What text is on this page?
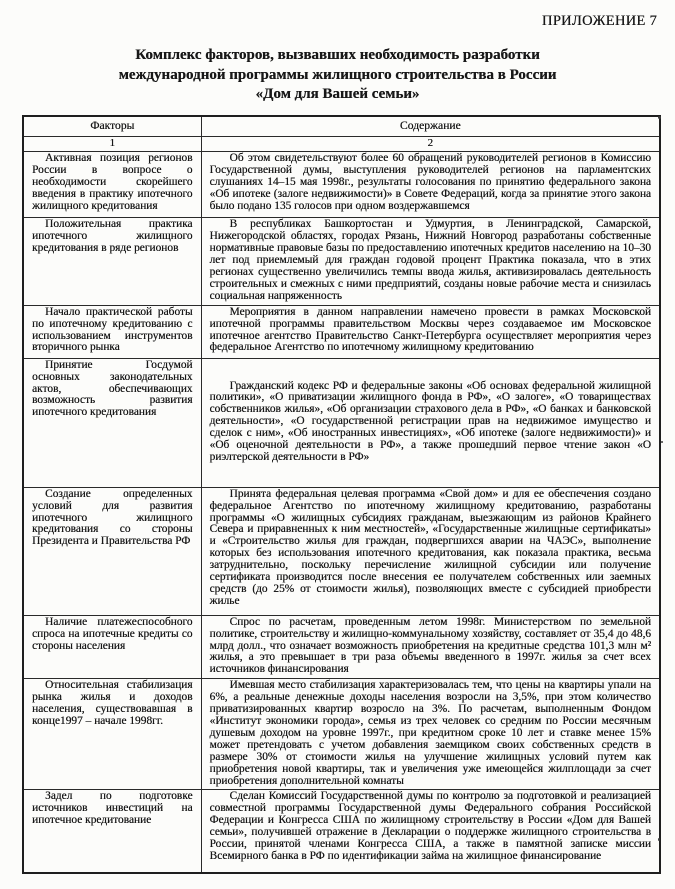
ПРИЛОЖЕНИЕ 7
Комплекс факторов, вызвавших необходимость разработки
международной программы жилищного строительства в России
«Дом для Вашей семьи»
Факторы	Содержание
1	2
Активная позиция регионов России в вопросе о необходимости скорейшего введения в практику ипотечного жилищного кредитования	Об этом свидетельствуют более 60 обращений руководителей регионов в Комиссию Государственной думы, выступления руководителей регионов на парламентских слушаниях 14–15 мая 1998г., результаты голосования по принятию федерального закона «Об ипотеке (залоге недвижимости)» в Совете Федераций, когда за принятие этого закона было подано 135 голосов при одном воздержавшемся
Положительная практика ипотечного жилищного кредитования в ряде регионов	В республиках Башкортостан и Удмуртия, в Ленинградской, Самарской, Нижегородской областях, городах Рязань, Нижний Новгород разработаны собственные нормативные правовые базы по предоставлению ипотечных кредитов населению на 10–30 лет под приемлемый для граждан годовой процент Практика показала, что в этих регионах существенно увеличились темпы ввода жилья, активизировалась деятельность строительных и смежных с ними предприятий, созданы новые рабочие места и снизилась социальная напряженность
Начало практической работы по ипотечному кредитованию с использованием инструментов вторичного рынка	Мероприятия в данном направлении намечено провести в рамках Московской ипотечной программы правительством Москвы через создаваемое им Московское ипотечное агентство Правительство Санкт-Петербурга осуществляет мероприятия через федеральное Агентство по ипотечному жилищному кредитованию
Принятие Госдумой основных законодательных актов, обеспечивающих возможность развития ипотечного кредитования	Гражданский кодекс РФ и федеральные законы «Об основах федеральной жилищной политики», «О приватизации жилищного фонда в РФ», «О залоге», «О товариществах собственников жилья», «Об организации страхового дела в РФ», «О банках и банковской деятельности», «О государственной регистрации прав на недвижимое имущество и сделок с ним», «Об иностранных инвестициях», «Об ипотеке (залоге недвижимости)» и «Об оценочной деятельности в РФ», а также прошедший первое чтение закон «О риэлтерской деятельности в РФ»
Создание определенных условий для развития ипотечного жилищного кредитования со стороны Президента и Правительства РФ	Принята федеральная целевая программа «Свой дом» и для ее обеспечения создано федеральное Агентство по ипотечному жилищному кредитованию, разработаны программы «О жилищных субсидиях гражданам, выезжающим из районов Крайнего Севера и приравненных к ним местностей», «Государственные жилищные сертификаты» и «Строительство жилья для граждан, подвергшихся аварии на ЧАЭС», выполнение которых без использования ипотечного кредитования, как показала практика, весьма затруднительно, поскольку перечисление жилищной субсидии или получение сертификата производится после внесения ее получателем собственных или заемных средств (до 25% от стоимости жилья), позволяющих вместе с субсидией приобрести жилье
Наличие платежеспособного спроса на ипотечные кредиты со стороны населения	Спрос по расчетам, проведенным летом 1998г. Министерством по земельной политике, строительству и жилищно-коммунальному хозяйству, составляет от 35,4 до 48,6 млрд долл., что означает возможность приобретения на кредитные средства 101,3 млн м² жилья, а это превышает в три раза объемы введенного в 1997г. жилья за счет всех источников финансирования
Относительная стабилизация рынка жилья и доходов населения, существовавшая в конце1997 – начале 1998гг.	Имевшая место стабилизация характеризовалась тем, что цены на квартиры упали на 6%, а реальные денежные доходы населения возросли на 3,5%, при этом количество приватизированных квартир возросло на 3%. По расчетам, выполненным Фондом «Институт экономики города», семья из трех человек со средним по России месячным душевым доходом на уровне 1997г., при кредитном сроке 10 лет и ставке менее 15% может претендовать с учетом добавления заемщиком своих собственных средств в размере 30% от стоимости жилья на улучшение жилищных условий путем как приобретения новой квартиры, так и увеличения уже имеющейся жилплощади за счет приобретения дополнительной комнаты
Задел по подготовке источников инвестиций на ипотечное кредитование	Сделан Комиссий Государственной думы по контролю за подготовкой и реализацией совместной программы Государственной думы Федерального собрания Российской Федерации и Конгресса США по жилищному строительству в России «Дом для Вашей семьи», получившей отражение в Декларации о поддержке жилищного строительства в России, принятой членами Конгресса США, а также в памятной записке миссии Всемирного банка в РФ по идентификации займа на жилищное финансирование
